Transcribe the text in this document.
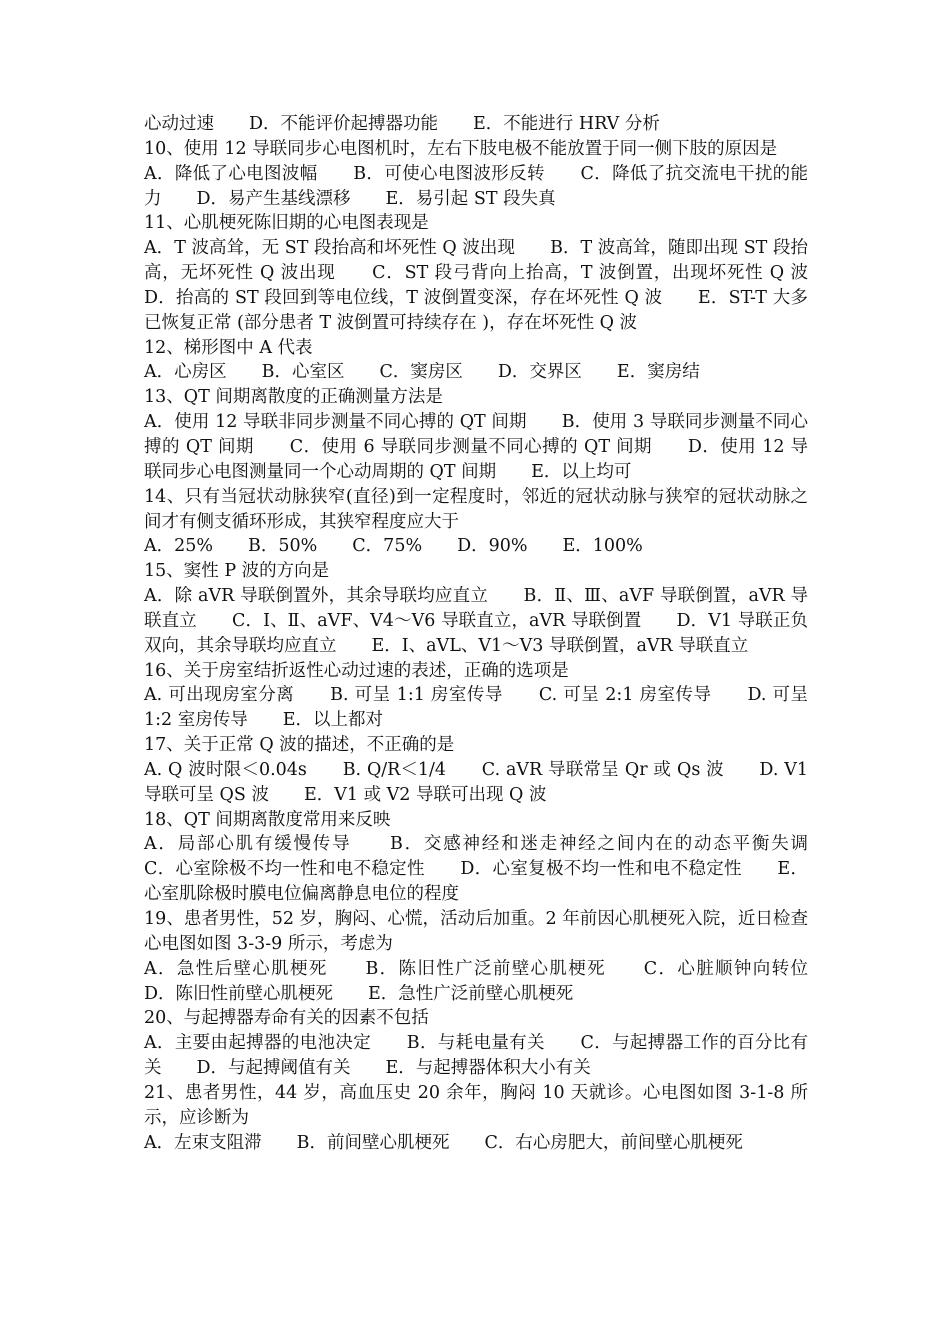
心动过速　　D．不能评价起搏器功能　　E．不能进行 HRV 分析

10、使用 12 导联同步心电图机时，左右下肢电极不能放置于同一侧下肢的原因是

A．降低了心电图波幅　　B．可使心电图波形反转　　C．降低了抗交流电干扰的能力　　D．易产生基线漂移　　E．易引起 ST 段失真

11、心肌梗死陈旧期的心电图表现是

A．T 波高耸，无 ST 段抬高和坏死性 Q 波出现　　B．T 波高耸，随即出现 ST 段抬高，无坏死性 Q 波出现　　C．ST 段弓背向上抬高，T 波倒置，出现坏死性 Q 波　　D．抬高的 ST 段回到等电位线，T 波倒置变深，存在坏死性 Q 波　　E．ST-T 大多已恢复正常 (部分患者 T 波倒置可持续存在 )，存在坏死性 Q 波

12、梯形图中 A 代表

A．心房区　　B．心室区　　C．窦房区　　D．交界区　　E．窦房结

13、QT 间期离散度的正确测量方法是

A．使用 12 导联非同步测量不同心搏的 QT 间期　　B．使用 3 导联同步测量不同心搏的 QT 间期　　C．使用 6 导联同步测量不同心搏的 QT 间期　　D．使用 12 导联同步心电图测量同一个心动周期的 QT 间期　　E．以上均可

14、只有当冠状动脉狭窄(直径)到一定程度时，邻近的冠状动脉与狭窄的冠状动脉之间才有侧支循环形成，其狭窄程度应大于

A．25%　　B．50%　　C．75%　　D．90%　　E．100%

15、窦性 P 波的方向是

A．除 aVR 导联倒置外，其余导联均应直立　　B．Ⅱ、Ⅲ、aVF 导联倒置，aVR 导联直立　　C．Ⅰ、Ⅱ、aVF、V4～V6 导联直立，aVR 导联倒置　　D．V1 导联正负双向，其余导联均应直立　　E．Ⅰ、aVL、V1～V3 导联倒置，aVR 导联直立

16、关于房室结折返性心动过速的表述，正确的选项是

A. 可出现房室分离　　B. 可呈 1:1 房室传导　　C. 可呈 2:1 房室传导　　D. 可呈 1:2 室房传导　　E．以上都对

17、关于正常 Q 波的描述，不正确的是

A. Q 波时限＜0.04s　　B. Q/R＜1/4　　C. aVR 导联常呈 Qr 或 Qs 波　　D. V1 导联可呈 QS 波　　E．V1 或 V2 导联可出现 Q 波

18、QT 间期离散度常用来反映

A．局部心肌有缓慢传导　　B．交感神经和迷走神经之间内在的动态平衡失调　　C．心室除极不均一性和电不稳定性　　D．心室复极不均一性和电不稳定性　　E．心室肌除极时膜电位偏离静息电位的程度

19、患者男性，52 岁，胸闷、心慌，活动后加重。2 年前因心肌梗死入院，近日检查心电图如图 3-3-9 所示，考虑为

A．急性后壁心肌梗死　　B．陈旧性广泛前壁心肌梗死　　C．心脏顺钟向转位　　D．陈旧性前壁心肌梗死　　E．急性广泛前壁心肌梗死

20、与起搏器寿命有关的因素不包括

A．主要由起搏器的电池决定　　B．与耗电量有关　　C．与起搏器工作的百分比有关　　D．与起搏阈值有关　　E．与起搏器体积大小有关

21、患者男性，44 岁，高血压史 20 余年，胸闷 10 天就诊。心电图如图 3-1-8 所示，应诊断为

A．左束支阻滞　　B．前间壁心肌梗死　　C．右心房肥大，前间壁心肌梗死
